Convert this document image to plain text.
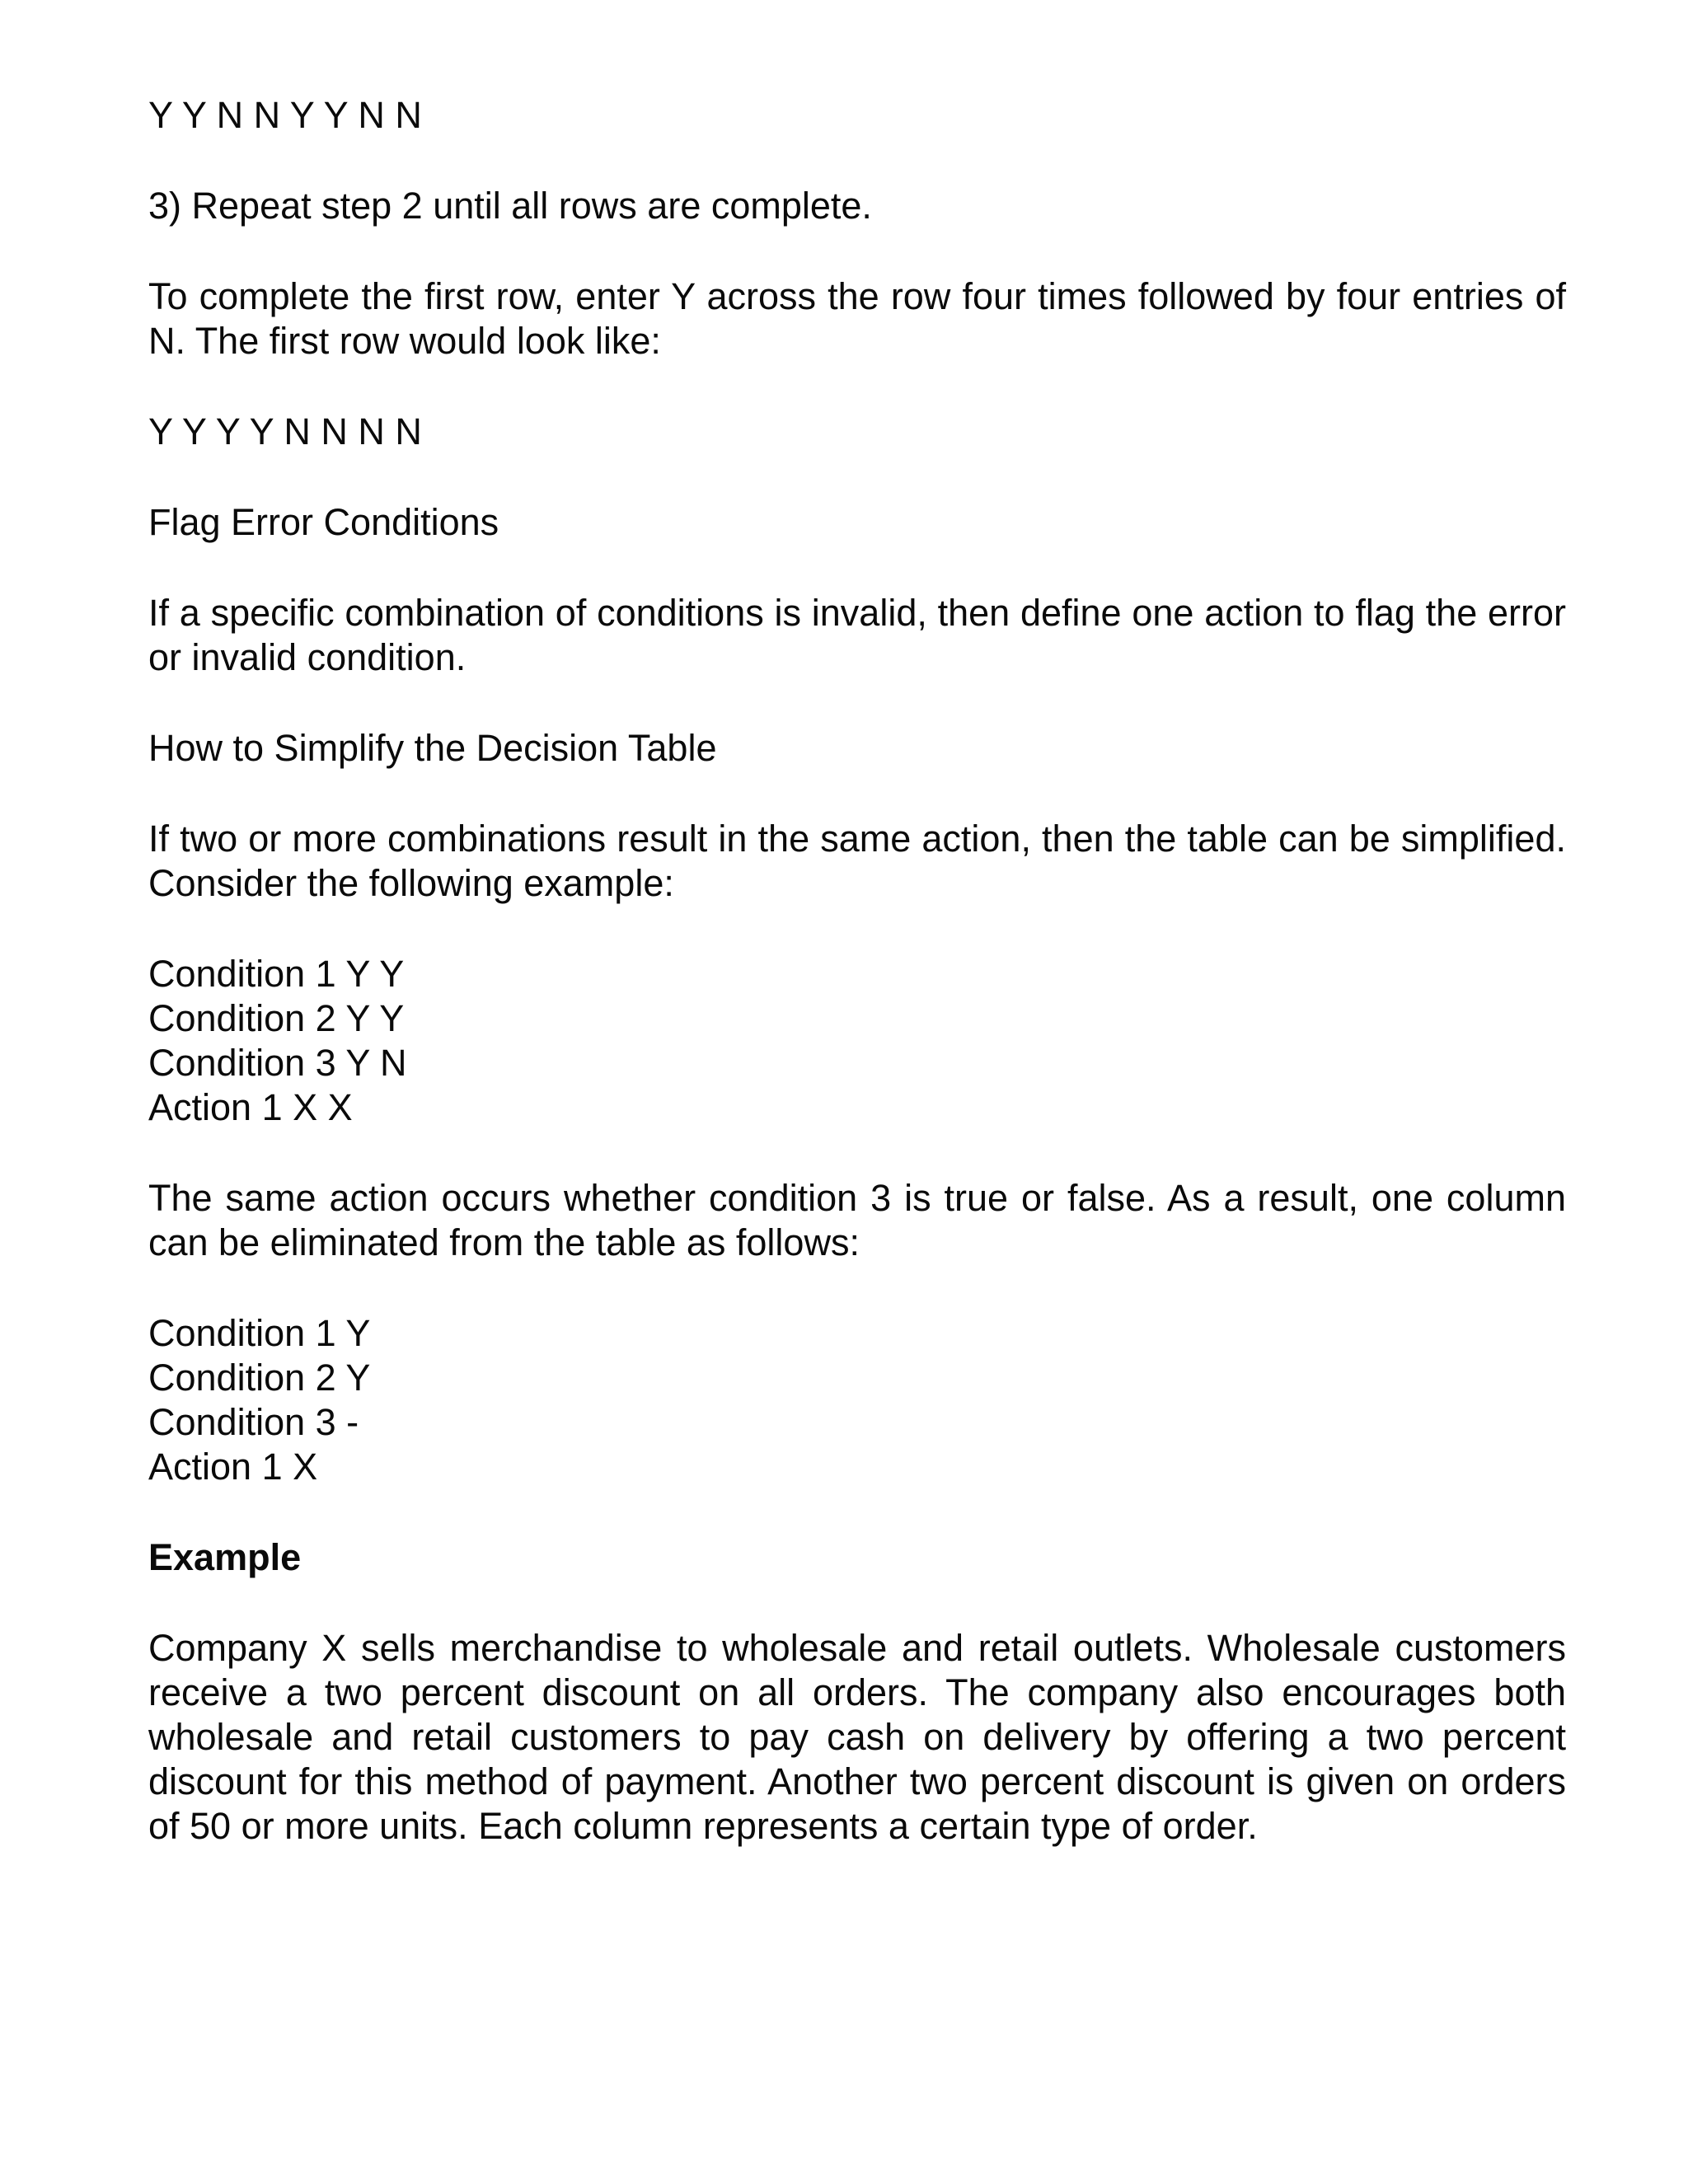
Y Y N N Y Y N N
3) Repeat step 2 until all rows are complete.
To complete the first row, enter Y across the row four times followed by four entries of N. The first row would look like:
Y Y Y Y N N N N
Flag Error Conditions
If a specific combination of conditions is invalid, then define one action to flag the error or invalid condition.
How to Simplify the Decision Table
If two or more combinations result in the same action, then the table can be simplified. Consider the following example:
Condition 1 Y Y
Condition 2 Y Y
Condition 3 Y N
Action 1 X X
The same action occurs whether condition 3 is true or false. As a result, one column can be eliminated from the table as follows:
Condition 1 Y
Condition 2 Y
Condition 3 -
Action 1 X
Example
Company X sells merchandise to wholesale and retail outlets. Wholesale customers receive a two percent discount on all orders. The company also encourages both wholesale and retail customers to pay cash on delivery by offering a two percent discount for this method of payment. Another two percent discount is given on orders of 50 or more units. Each column represents a certain type of order.
